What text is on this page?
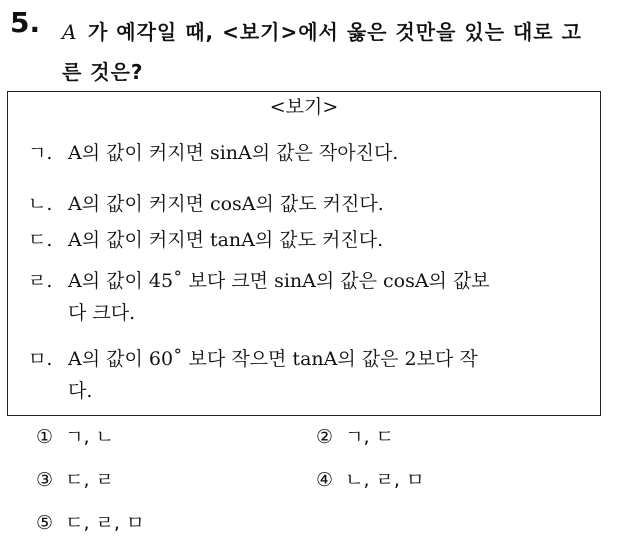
5. A 가 예각일 때, <보기>에서 옳은 것만을 있는 대로 고른 것은?
<보기>
ㄱ. A의 값이 커지면 sinA의 값은 작아진다.
ㄴ. A의 값이 커지면 cosA의 값도 커진다.
ㄷ. A의 값이 커지면 tanA의 값도 커진다.
ㄹ. A의 값이 45˚ 보다 크면 sinA의 값은 cosA의 값보
다 크다.
ㅁ. A의 값이 60˚ 보다 작으면 tanA의 값은 2보다 작
다.
① ㄱ, ㄴ	② ㄱ, ㄷ
③ ㄷ, ㄹ	④ ㄴ, ㄹ, ㅁ
⑤ ㄷ, ㄹ, ㅁ
